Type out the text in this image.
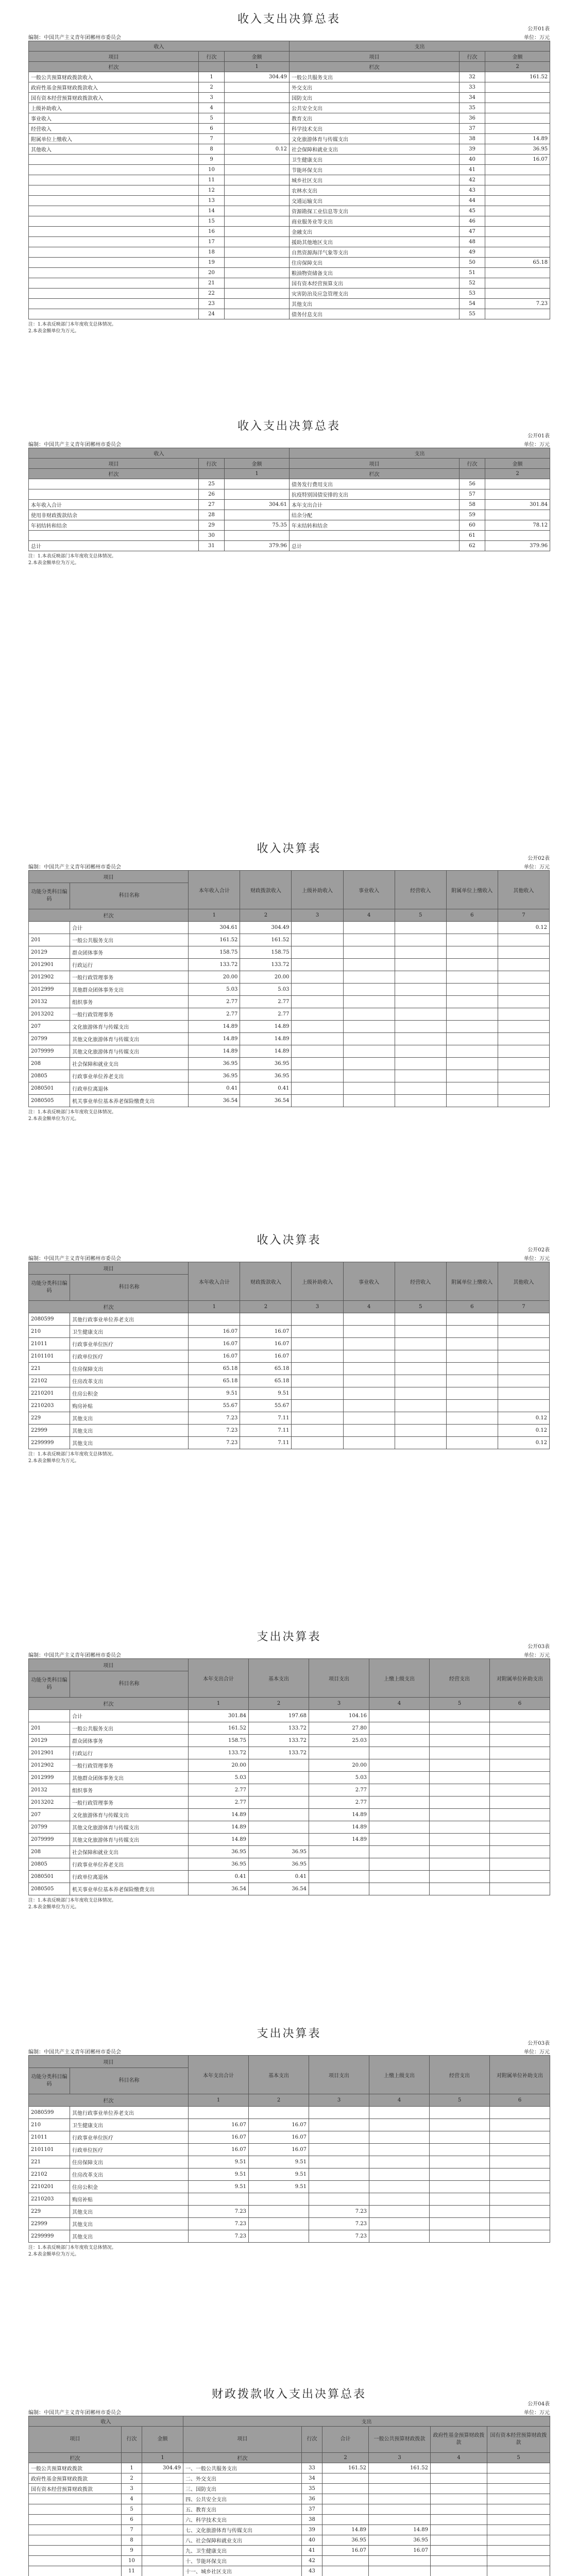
收入支出决算总表
公开01表
编制：中国共产主义青年团郴州市委员会	单位：万元
收入			支出		
项目	行次	金额	项目	行次	金额
栏次		1	栏次		2
一般公共预算财政拨款收入	1	304.49	一般公共服务支出	32	161.52
政府性基金预算财政拨款收入	2		外交支出	33	
国有资本经营预算财政拨款收入	3		国防支出	34	
上级补助收入	4		公共安全支出	35	
事业收入	5		教育支出	36	
经营收入	6		科学技术支出	37	
附属单位上缴收入	7		文化旅游体育与传媒支出	38	14.89
其他收入	8	0.12	社会保障和就业支出	39	36.95
	9		卫生健康支出	40	16.07
	10		节能环保支出	41	
	11		城乡社区支出	42	
	12		农林水支出	43	
	13		交通运输支出	44	
	14		资源勘探工业信息等支出	45	
	15		商业服务业等支出	46	
	16		金融支出	47	
	17		援助其他地区支出	48	
	18		自然资源海洋气象等支出	49	
	19		住房保障支出	50	65.18
	20		粮油物资储备支出	51	
	21		国有资本经营预算支出	52	
	22		灾害防治及应急管理支出	53	
	23		其他支出	54	7.23
	24		债务付息支出	55	
注：1.本表反映部门本年度收支总体情况。
2.本表金额单位为万元。
收入支出决算总表
公开01表
编制：中国共产主义青年团郴州市委员会	单位：万元
收入			支出		
项目	行次	金额	项目	行次	金额
栏次		1	栏次		2
	25		债务发行费用支出	56	
	26		抗疫特别国债安排的支出	57	
本年收入合计	27	304.61	本年支出合计	58	301.84
使用非财政拨款结余	28		结余分配	59	
年初结转和结余	29	75.35	年末结转和结余	60	78.12
	30			61	
总计	31	379.96	总计	62	379.96
注：1.本表反映部门本年度收支总体情况。
2.本表金额单位为万元。
收入决算表
公开02表
编制：中国共产主义青年团郴州市委员会	单位：万元
项目		本年收入合计	财政拨款收入	上级补助收入	事业收入	经营收入	附属单位上缴收入	其他收入
功能分类科目编码	科目名称							
栏次		1	2	3	4	5	6	7
	合计	304.61	304.49					0.12
201	一般公共服务支出	161.52	161.52					
20129	群众团体事务	158.75	158.75					
2012901	行政运行	133.72	133.72					
2012902	一般行政管理事务	20.00	20.00					
2012999	其他群众团体事务支出	5.03	5.03					
20132	组织事务	2.77	2.77					
2013202	一般行政管理事务	2.77	2.77					
207	文化旅游体育与传媒支出	14.89	14.89					
20799	其他文化旅游体育与传媒支出	14.89	14.89					
2079999	其他文化旅游体育与传媒支出	14.89	14.89					
208	社会保障和就业支出	36.95	36.95					
20805	行政事业单位养老支出	36.95	36.95					
2080501	行政单位离退休	0.41	0.41					
2080505	机关事业单位基本养老保险缴费支出	36.54	36.54					
注：1.本表反映部门本年度收支总体情况。
2.本表金额单位为万元。
收入决算表
公开02表
编制：中国共产主义青年团郴州市委员会	单位：万元
项目		本年收入合计	财政拨款收入	上级补助收入	事业收入	经营收入	附属单位上缴收入	其他收入
功能分类科目编码	科目名称							
栏次		1	2	3	4	5	6	7
2080599	其他行政事业单位养老支出							
210	卫生健康支出	16.07	16.07					
21011	行政事业单位医疗	16.07	16.07					
2101101	行政单位医疗	16.07	16.07					
221	住房保障支出	65.18	65.18					
22102	住房改革支出	65.18	65.18					
2210201	住房公积金	9.51	9.51					
2210203	购房补贴	55.67	55.67					
229	其他支出	7.23	7.11					0.12
22999	其他支出	7.23	7.11					0.12
2299999	其他支出	7.23	7.11					0.12
注：1.本表反映部门本年度收支总体情况。
2.本表金额单位为万元。
支出决算表
公开03表
编制：中国共产主义青年团郴州市委员会	单位：万元
项目		本年支出合计	基本支出	项目支出	上缴上级支出	经营支出	对附属单位补助支出
功能分类科目编码	科目名称						
栏次		1	2	3	4	5	6
	合计	301.84	197.68	104.16			
201	一般公共服务支出	161.52	133.72	27.80			
20129	群众团体事务	158.75	133.72	25.03			
2012901	行政运行	133.72	133.72				
2012902	一般行政管理事务	20.00		20.00			
2012999	其他群众团体事务支出	5.03		5.03			
20132	组织事务	2.77		2.77			
2013202	一般行政管理事务	2.77		2.77			
207	文化旅游体育与传媒支出	14.89		14.89			
20799	其他文化旅游体育与传媒支出	14.89		14.89			
2079999	其他文化旅游体育与传媒支出	14.89		14.89			
208	社会保障和就业支出	36.95	36.95				
20805	行政事业单位养老支出	36.95	36.95				
2080501	行政单位离退休	0.41	0.41				
2080505	机关事业单位基本养老保险缴费支出	36.54	36.54				
注：1.本表反映部门本年度收支总体情况。
2.本表金额单位为万元。
支出决算表
公开03表
编制：中国共产主义青年团郴州市委员会	单位：万元
项目		本年支出合计	基本支出	项目支出	上缴上级支出	经营支出	对附属单位补助支出
功能分类科目编码	科目名称						
栏次		1	2	3	4	5	6
2080599	其他行政事业单位养老支出						
210	卫生健康支出	16.07	16.07				
21011	行政事业单位医疗	16.07	16.07				
2101101	行政单位医疗	16.07	16.07				
221	住房保障支出	9.51	9.51				
22102	住房改革支出	9.51	9.51				
2210201	住房公积金	9.51	9.51				
2210203	购房补贴						
229	其他支出	7.23		7.23			
22999	其他支出	7.23		7.23			
2299999	其他支出	7.23		7.23			
注：1.本表反映部门本年度收支总体情况。
2.本表金额单位为万元。
财政拨款收入支出决算总表
公开04表
编制：中国共产主义青年团郴州市委员会	单位：万元
收入			支出					
项目	行次	金额	项目	行次	合计	一般公共预算财政拨款	政府性基金预算财政拨款	国有资本经营预算财政拨款
栏次		1	栏次		2	3	4	5
一般公共预算财政拨款	1	304.49	一、一般公共服务支出	33	161.52	161.52		
政府性基金预算财政拨款	2		二、外交支出	34				
国有资本经营预算财政拨款	3		三、国防支出	35				
	4		四、公共安全支出	36				
	5		五、教育支出	37				
	6		六、科学技术支出	38				
	7		七、文化旅游体育与传媒支出	39	14.89	14.89		
	8		八、社会保障和就业支出	40	36.95	36.95		
	9		九、卫生健康支出	41	16.07	16.07		
	10		十、节能环保支出	42				
	11		十一、城乡社区支出	43				
